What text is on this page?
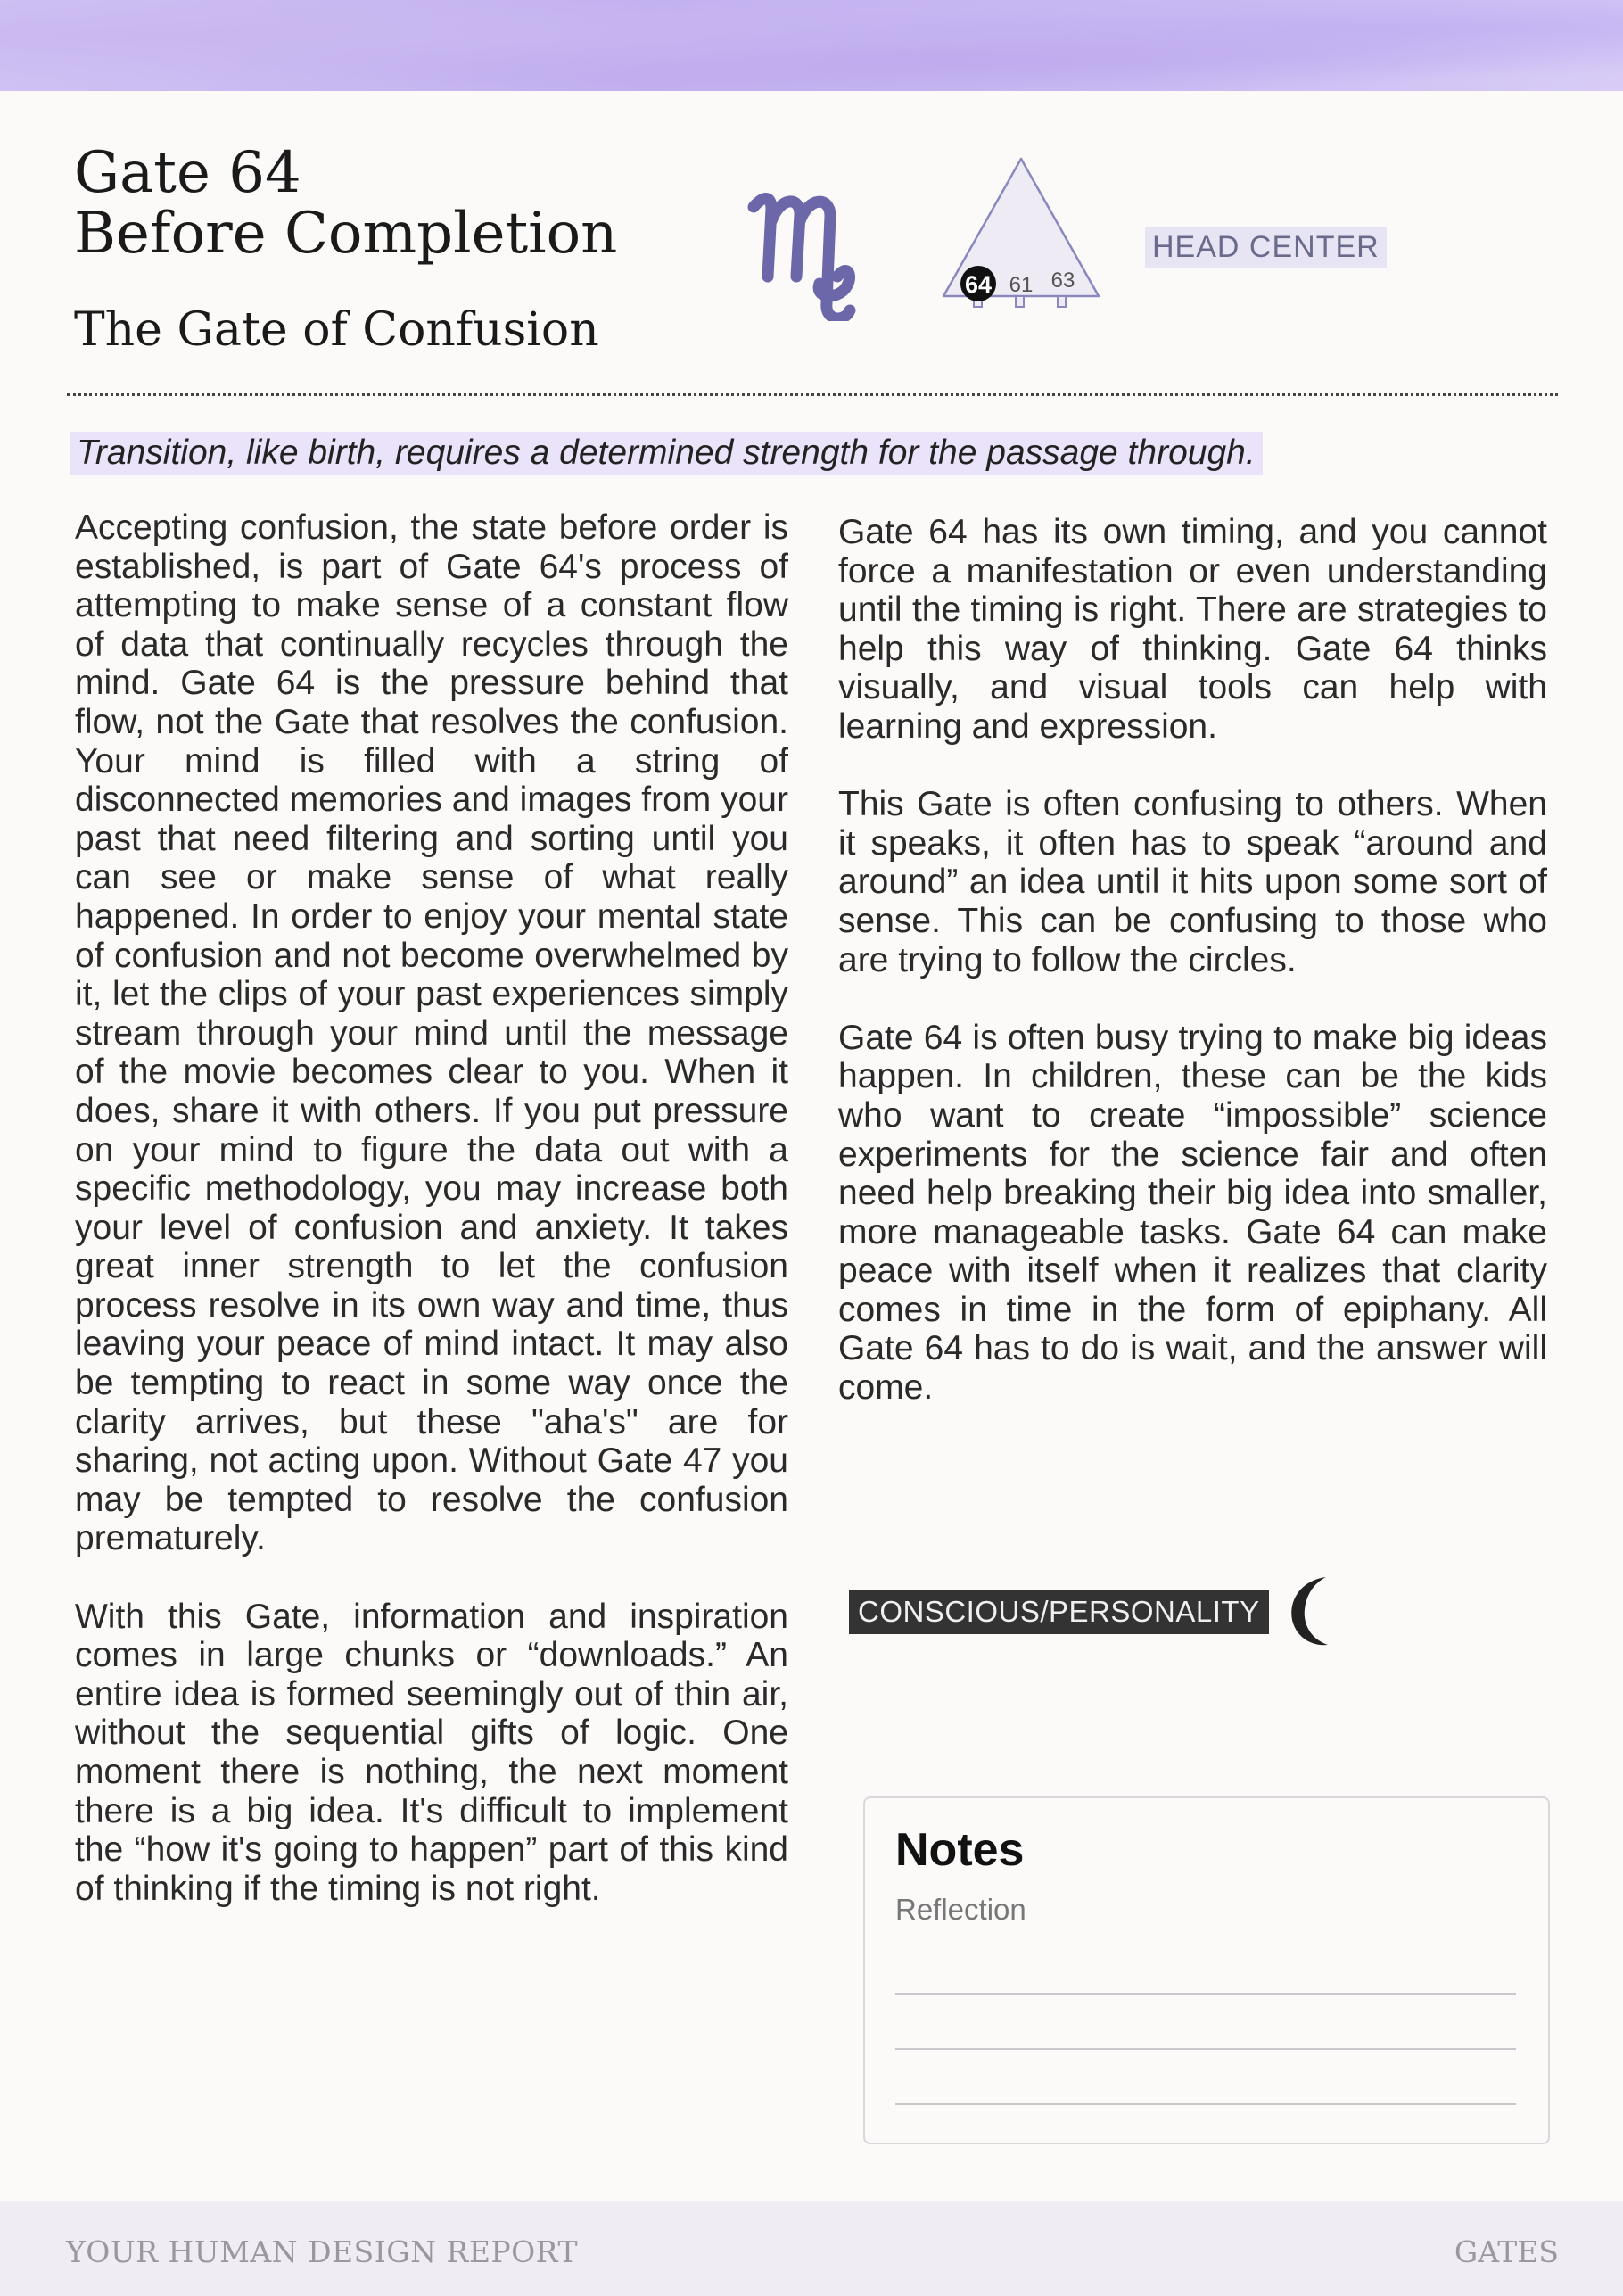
Gate 64
Before Completion
The Gate of Confusion
64 61 63
HEAD CENTER
Transition, like birth, requires a determined strength for the passage through.

Accepting confusion, the state before order is established, is part of Gate 64's process of attempting to make sense of a constant flow of data that continually recycles through the mind. Gate 64 is the pressure behind that flow, not the Gate that resolves the confusion. Your mind is filled with a string of disconnected memories and images from your past that need filtering and sorting until you can see or make sense of what really happened. In order to enjoy your mental state of confusion and not become overwhelmed by it, let the clips of your past experiences simply stream through your mind until the message of the movie becomes clear to you. When it does, share it with others. If you put pressure on your mind to figure the data out with a specific methodology, you may increase both your level of confusion and anxiety. It takes great inner strength to let the confusion process resolve in its own way and time, thus leaving your peace of mind intact. It may also be tempting to react in some way once the clarity arrives, but these "aha's" are for sharing, not acting upon. Without Gate 47 you may be tempted to resolve the confusion prematurely.

With this Gate, information and inspiration comes in large chunks or “downloads.” An entire idea is formed seemingly out of thin air, without the sequential gifts of logic. One moment there is nothing, the next moment there is a big idea. It's difficult to implement the “how it's going to happen” part of this kind of thinking if the timing is not right.

Gate 64 has its own timing, and you cannot force a manifestation or even understanding until the timing is right. There are strategies to help this way of thinking. Gate 64 thinks visually, and visual tools can help with learning and expression.

This Gate is often confusing to others. When it speaks, it often has to speak “around and around” an idea until it hits upon some sort of sense. This can be confusing to those who are trying to follow the circles.

Gate 64 is often busy trying to make big ideas happen. In children, these can be the kids who want to create “impossible” science experiments for the science fair and often need help breaking their big idea into smaller, more manageable tasks. Gate 64 can make peace with itself when it realizes that clarity comes in time in the form of epiphany. All Gate 64 has to do is wait, and the answer will come.

CONSCIOUS/PERSONALITY
Notes
Reflection
YOUR HUMAN DESIGN REPORT	GATES
